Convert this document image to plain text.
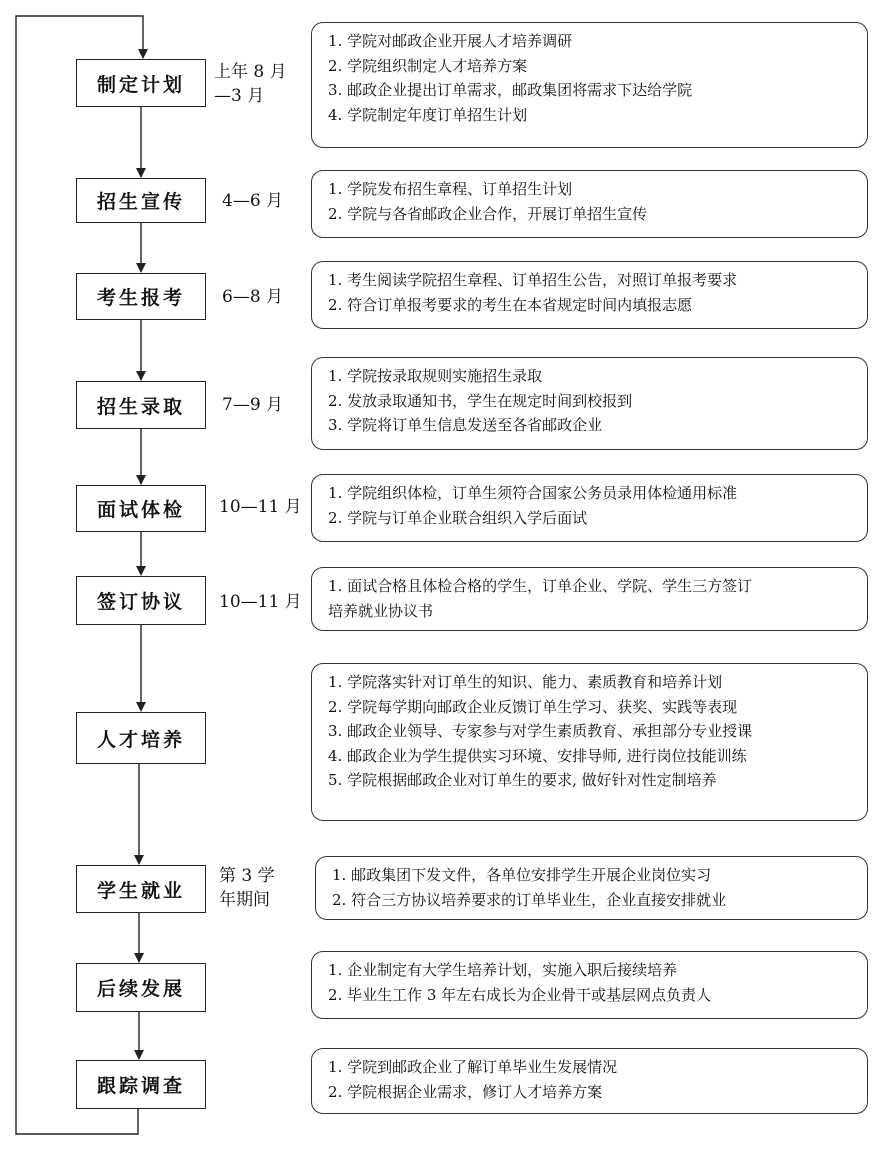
制定计划
上年 8 月
—3 月
1. 学院对邮政企业开展人才培养调研
2. 学院组织制定人才培养方案
3. 邮政企业提出订单需求，邮政集团将需求下达给学院
4. 学院制定年度订单招生计划
招生宣传	4—6 月
1. 学院发布招生章程、订单招生计划
2. 学院与各省邮政企业合作，开展订单招生宣传
考生报考	6—8 月
1. 考生阅读学院招生章程、订单招生公告，对照订单报考要求
2. 符合订单报考要求的考生在本省规定时间内填报志愿
招生录取	7—9 月
1. 学院按录取规则实施招生录取
2. 发放录取通知书，学生在规定时间到校报到
3. 学院将订单生信息发送至各省邮政企业
面试体检	10—11 月
1. 学院组织体检，订单生须符合国家公务员录用体检通用标准
2. 学院与订单企业联合组织入学后面试
签订协议	10—11 月
1. 面试合格且体检合格的学生，订单企业、学院、学生三方签订
培养就业协议书
人才培养
1. 学院落实针对订单生的知识、能力、素质教育和培养计划
2. 学院每学期向邮政企业反馈订单生学习、获奖、实践等表现
3. 邮政企业领导、专家参与对学生素质教育、承担部分专业授课
4. 邮政企业为学生提供实习环境、安排导师, 进行岗位技能训练
5. 学院根据邮政企业对订单生的要求, 做好针对性定制培养
学生就业
第 3 学
年期间
1. 邮政集团下发文件，各单位安排学生开展企业岗位实习
2. 符合三方协议培养要求的订单毕业生，企业直接安排就业
后续发展
1. 企业制定有大学生培养计划，实施入职后接续培养
2. 毕业生工作 3 年左右成长为企业骨干或基层网点负责人
跟踪调查
1. 学院到邮政企业了解订单毕业生发展情况
2. 学院根据企业需求，修订人才培养方案
